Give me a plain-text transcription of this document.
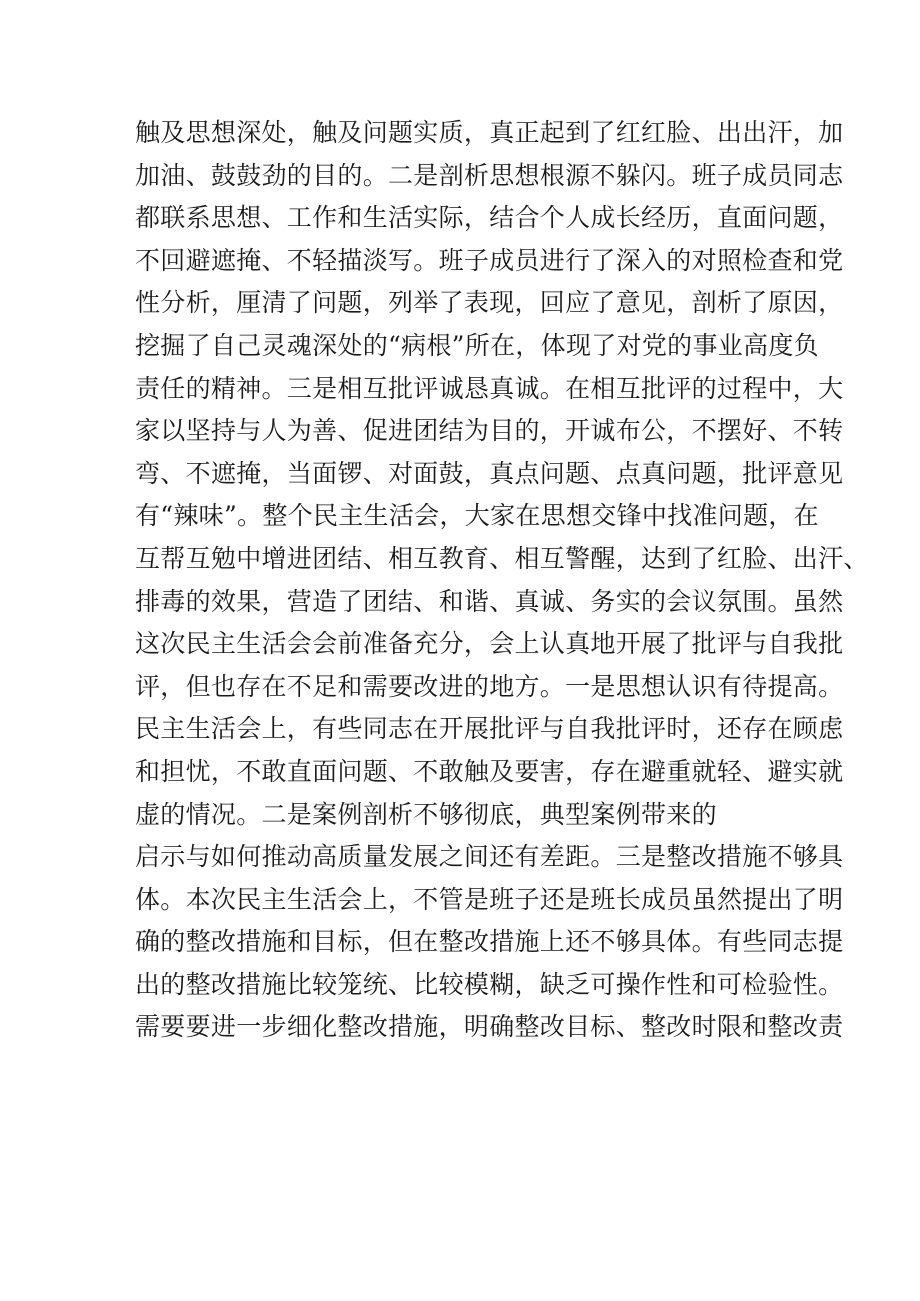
触及思想深处，触及问题实质，真正起到了红红脸、出出汗，加
加油、鼓鼓劲的目的。二是剖析思想根源不躲闪。班子成员同志
都联系思想、工作和生活实际，结合个人成长经历，直面问题，
不回避遮掩、不轻描淡写。班子成员进行了深入的对照检查和党
性分析，厘清了问题，列举了表现，回应了意见，剖析了原因，
挖掘了自己灵魂深处的“病根”所在，体现了对党的事业高度负
责任的精神。三是相互批评诚恳真诚。在相互批评的过程中，大
家以坚持与人为善、促进团结为目的，开诚布公，不摆好、不转
弯、不遮掩，当面锣、对面鼓，真点问题、点真问题，批评意见
有“辣味”。整个民主生活会，大家在思想交锋中找准问题，在
互帮互勉中增进团结、相互教育、相互警醒，达到了红脸、出汗、
排毒的效果，营造了团结、和谐、真诚、务实的会议氛围。虽然
这次民主生活会会前准备充分，会上认真地开展了批评与自我批
评，但也存在不足和需要改进的地方。一是思想认识有待提高。
民主生活会上，有些同志在开展批评与自我批评时，还存在顾虑
和担忧，不敢直面问题、不敢触及要害，存在避重就轻、避实就
虚的情况。二是案例剖析不够彻底，典型案例带来的
启示与如何推动高质量发展之间还有差距。三是整改措施不够具
体。本次民主生活会上，不管是班子还是班长成员虽然提出了明
确的整改措施和目标，但在整改措施上还不够具体。有些同志提
出的整改措施比较笼统、比较模糊，缺乏可操作性和可检验性。
需要要进一步细化整改措施，明确整改目标、整改时限和整改责
